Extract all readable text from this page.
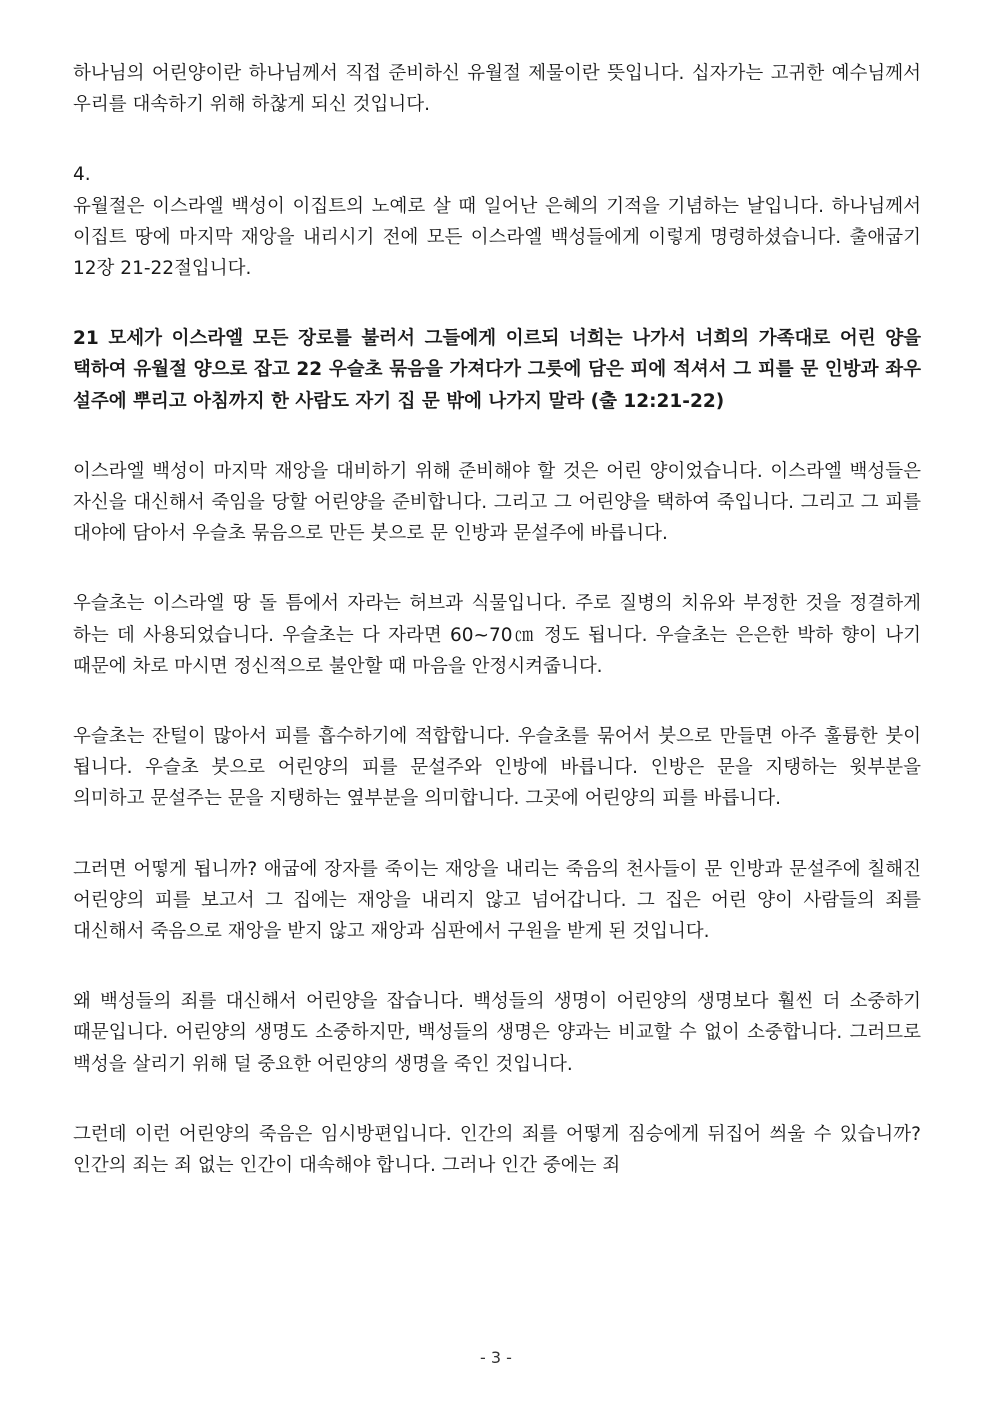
하나님의 어린양이란 하나님께서 직접 준비하신 유월절 제물이란 뜻입니다. 십자가는 고귀한 예수님께서 우리를 대속하기 위해 하찮게 되신 것입니다.

4.

유월절은 이스라엘 백성이 이집트의 노예로 살 때 일어난 은혜의 기적을 기념하는 날입니다. 하나님께서 이집트 땅에 마지막 재앙을 내리시기 전에 모든 이스라엘 백성들에게 이렇게 명령하셨습니다. 출애굽기 12장 21-22절입니다.

21 모세가 이스라엘 모든 장로를 불러서 그들에게 이르되 너희는 나가서 너희의 가족대로 어린 양을 택하여 유월절 양으로 잡고 22 우슬초 묶음을 가져다가 그릇에 담은 피에 적셔서 그 피를 문 인방과 좌우 설주에 뿌리고 아침까지 한 사람도 자기 집 문 밖에 나가지 말라 (출 12:21-22)

이스라엘 백성이 마지막 재앙을 대비하기 위해 준비해야 할 것은 어린 양이었습니다. 이스라엘 백성들은 자신을 대신해서 죽임을 당할 어린양을 준비합니다. 그리고 그 어린양을 택하여 죽입니다. 그리고 그 피를 대야에 담아서 우슬초 묶음으로 만든 붓으로 문 인방과 문설주에 바릅니다.

우슬초는 이스라엘 땅 돌 틈에서 자라는 허브과 식물입니다. 주로 질병의 치유와 부정한 것을 정결하게 하는 데 사용되었습니다. 우슬초는 다 자라면 60~70㎝ 정도 됩니다. 우슬초는 은은한 박하 향이 나기 때문에 차로 마시면 정신적으로 불안할 때 마음을 안정시켜줍니다.

우슬초는 잔털이 많아서 피를 흡수하기에 적합합니다. 우슬초를 묶어서 붓으로 만들면 아주 훌륭한 붓이 됩니다. 우슬초 붓으로 어린양의 피를 문설주와 인방에 바릅니다. 인방은 문을 지탱하는 윗부분을 의미하고 문설주는 문을 지탱하는 옆부분을 의미합니다. 그곳에 어린양의 피를 바릅니다.

그러면 어떻게 됩니까? 애굽에 장자를 죽이는 재앙을 내리는 죽음의 천사들이 문 인방과 문설주에 칠해진 어린양의 피를 보고서 그 집에는 재앙을 내리지 않고 넘어갑니다. 그 집은 어린 양이 사람들의 죄를 대신해서 죽음으로 재앙을 받지 않고 재앙과 심판에서 구원을 받게 된 것입니다.

왜 백성들의 죄를 대신해서 어린양을 잡습니다. 백성들의 생명이 어린양의 생명보다 훨씬 더 소중하기 때문입니다. 어린양의 생명도 소중하지만, 백성들의 생명은 양과는 비교할 수 없이 소중합니다. 그러므로 백성을 살리기 위해 덜 중요한 어린양의 생명을 죽인 것입니다.

그런데 이런 어린양의 죽음은 임시방편입니다. 인간의 죄를 어떻게 짐승에게 뒤집어 씌울 수 있습니까? 인간의 죄는 죄 없는 인간이 대속해야 합니다. 그러나 인간 중에는 죄

- 3 -
